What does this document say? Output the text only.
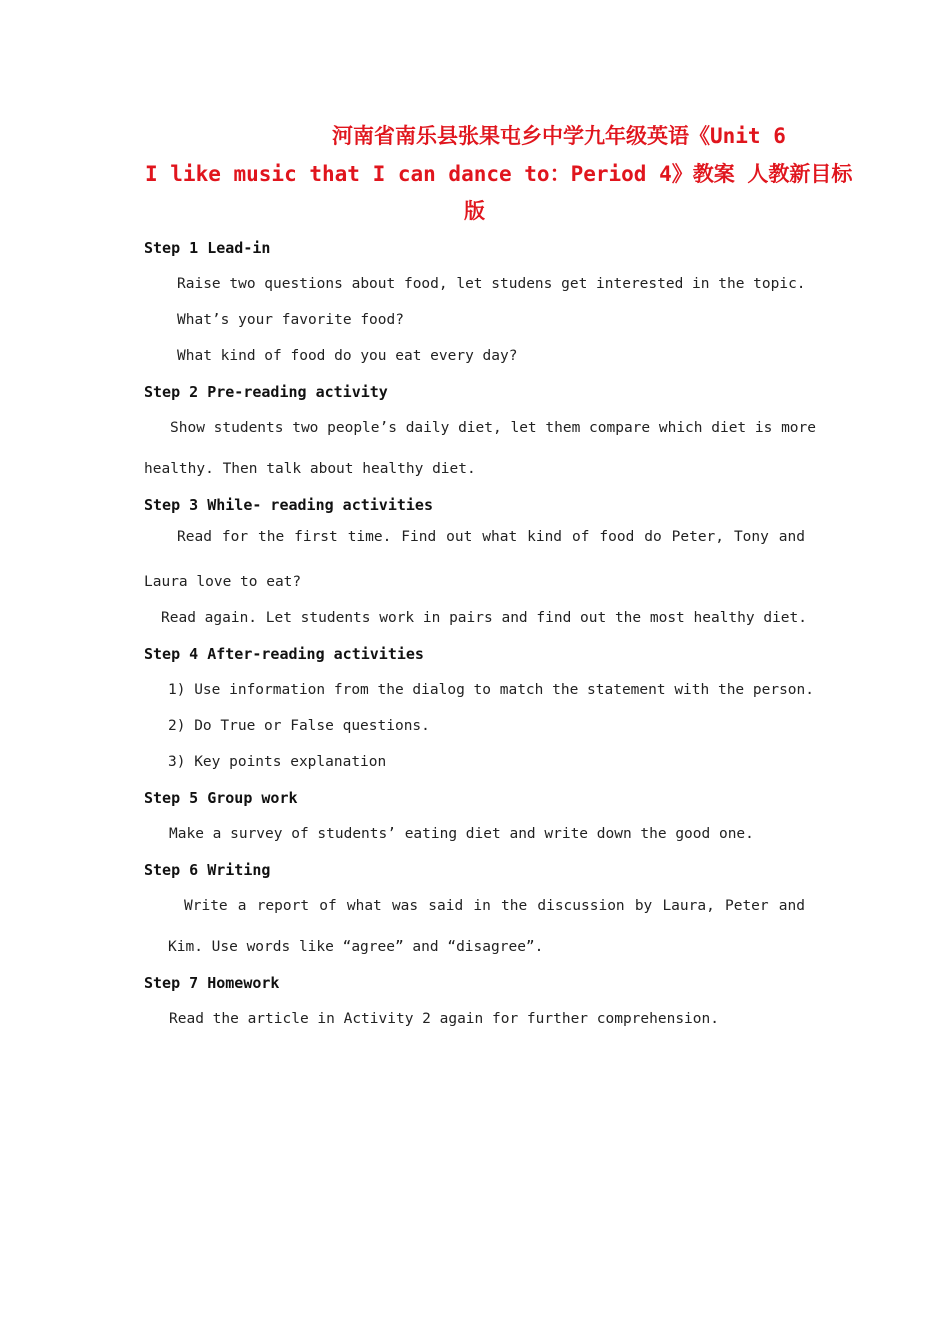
河南省南乐县张果屯乡中学九年级英语《Unit 6
I like music that I can dance to：Period 4》教案 人教新目标
版
Step 1 Lead-in
Raise two questions about food, let studens get interested in the topic.
What’s your favorite food?
What kind of food do you eat every day?
Step 2 Pre-reading activity
Show students two people’s daily diet, let them compare which diet is more
healthy. Then talk about healthy diet.
Step 3 While- reading activities
Read for the first time. Find out what kind of food do Peter, Tony and
Laura love to eat?
Read again. Let students work in pairs and find out the most healthy diet.
Step 4 After-reading activities
1) Use information from the dialog to match the statement with the person.
2) Do True or False questions.
3) Key points explanation
Step 5 Group work
Make a survey of students’ eating diet and write down the good one.
Step 6 Writing
Write a report of what was said in the discussion by Laura, Peter and
Kim. Use words like “agree” and “disagree”.
Step 7 Homework
Read the article in Activity 2 again for further comprehension.
